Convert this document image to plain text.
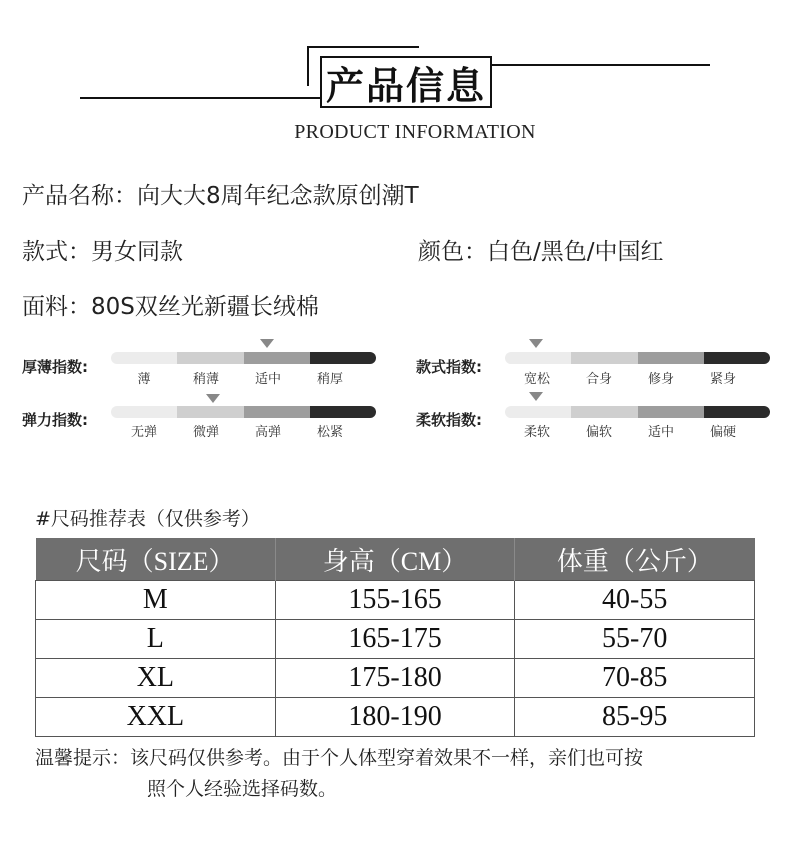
产品信息
PRODUCT INFORMATION
产品名称：向大大8周年纪念款原创潮T
款式：男女同款	颜色：白色/黑色/中国红
面料：80S双丝光新疆长绒棉
厚薄指数:
薄	稍薄	适中	稍厚
弹力指数:
无弹	微弹	高弹	松紧
款式指数:
宽松	合身	修身	紧身
柔软指数:
柔软	偏软	适中	偏硬
#尺码推荐表（仅供参考）
尺码（SIZE）	身高（CM）	体重（公斤）
M	155-165	40-55
L	165-175	55-70
XL	175-180	70-85
XXL	180-190	85-95
温馨提示：该尺码仅供参考。由于个人体型穿着效果不一样，亲们也可按
照个人经验选择码数。
